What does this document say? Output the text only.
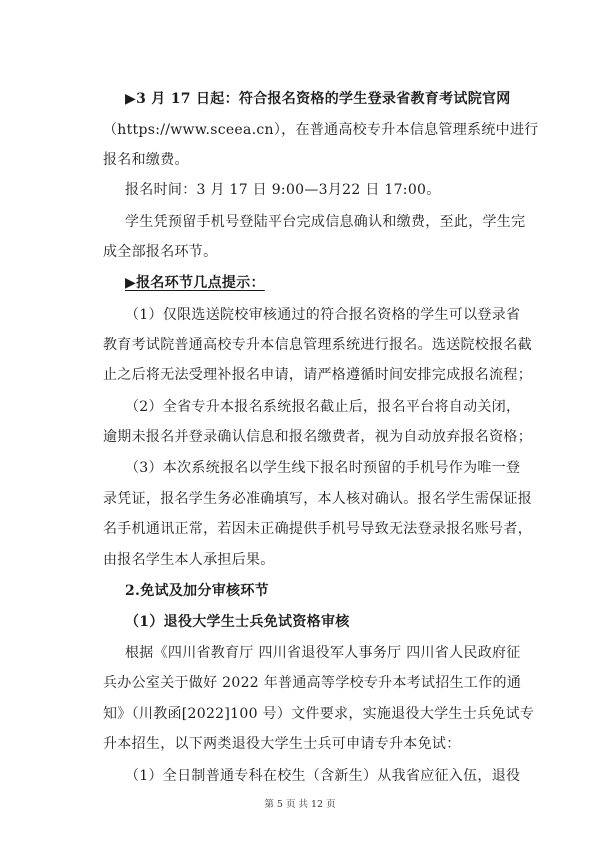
▶3 月 17 日起：符合报名资格的学生登录省教育考试院官网
（https://www.sceea.cn），在普通高校专升本信息管理系统中进行
报名和缴费。
报名时间：3 月 17 日 9:00—3月22 日 17:00。
学生凭预留手机号登陆平台完成信息确认和缴费，至此，学生完
成全部报名环节。
▶报名环节几点提示：
（1）仅限选送院校审核通过的符合报名资格的学生可以登录省
教育考试院普通高校专升本信息管理系统进行报名。选送院校报名截
止之后将无法受理补报名申请，请严格遵循时间安排完成报名流程；
（2）全省专升本报名系统报名截止后，报名平台将自动关闭，
逾期未报名并登录确认信息和报名缴费者，视为自动放弃报名资格；
（3）本次系统报名以学生线下报名时预留的手机号作为唯一登
录凭证，报名学生务必准确填写，本人核对确认。报名学生需保证报
名手机通讯正常，若因未正确提供手机号导致无法登录报名账号者，
由报名学生本人承担后果。
2.免试及加分审核环节
（1）退役大学生士兵免试资格审核
根据《四川省教育厅 四川省退役军人事务厅 四川省人民政府征
兵办公室关于做好 2022 年普通高等学校专升本考试招生工作的通
知》（川教函[2022]100 号）文件要求，实施退役大学生士兵免试专
升本招生，以下两类退役大学生士兵可申请专升本免试：
（1）全日制普通专科在校生（含新生）从我省应征入伍，退役
第 5 页 共 12 页
